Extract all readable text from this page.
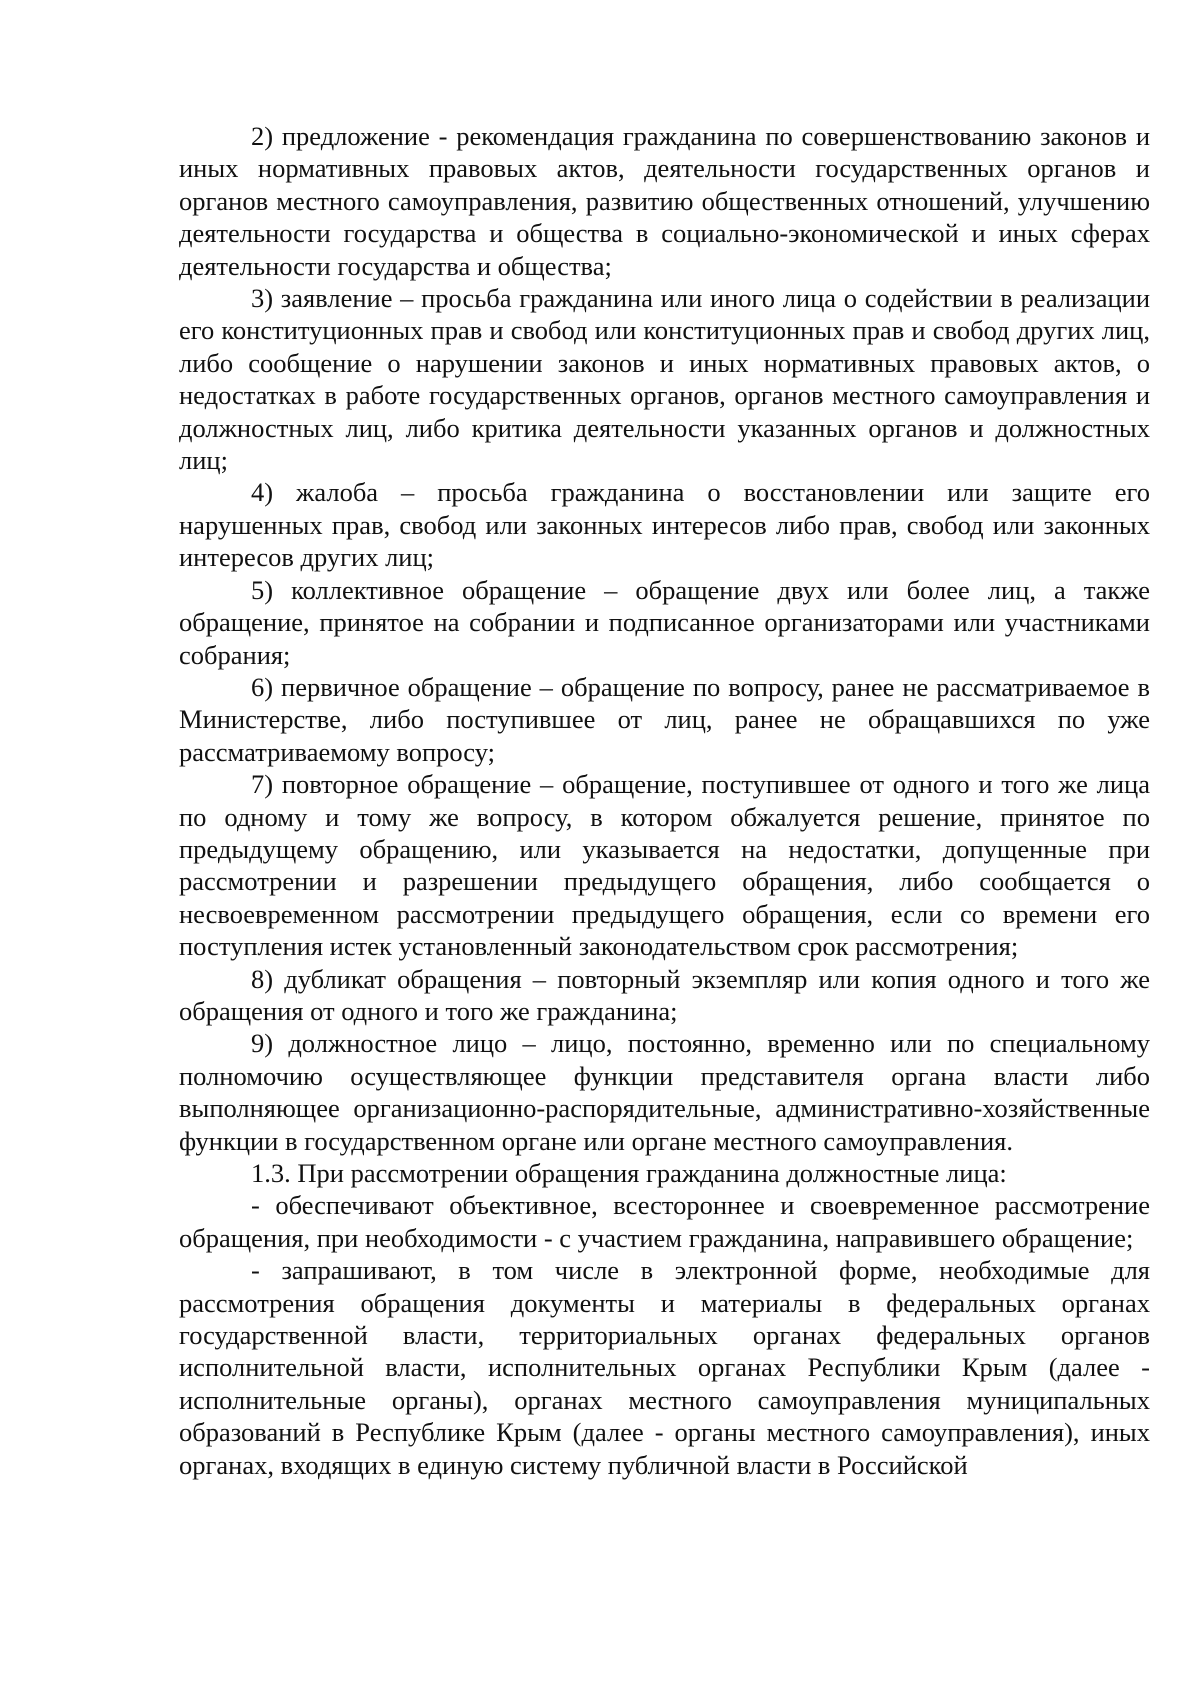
2) предложение - рекомендация гражданина по совершенствованию законов и иных нормативных правовых актов, деятельности государственных органов и органов местного самоуправления, развитию общественных отношений, улучшению деятельности государства и общества в социально-экономической и иных сферах деятельности государства и общества;

3) заявление – просьба гражданина или иного лица о содействии в реализации его конституционных прав и свобод или конституционных прав и свобод других лиц, либо сообщение о нарушении законов и иных нормативных правовых актов, о недостатках в работе государственных органов, органов местного самоуправления и должностных лиц, либо критика деятельности указанных органов и должностных лиц;

4) жалоба – просьба гражданина о восстановлении или защите его нарушенных прав, свобод или законных интересов либо прав, свобод или законных интересов других лиц;

5) коллективное обращение – обращение двух или более лиц, а также обращение, принятое на собрании и подписанное организаторами или участниками собрания;

6) первичное обращение – обращение по вопросу, ранее не рассматриваемое в Министерстве, либо поступившее от лиц, ранее не обращавшихся по уже рассматриваемому вопросу;

7) повторное обращение – обращение, поступившее от одного и того же лица по одному и тому же вопросу, в котором обжалуется решение, принятое по предыдущему обращению, или указывается на недостатки, допущенные при рассмотрении и разрешении предыдущего обращения, либо сообщается о несвоевременном рассмотрении предыдущего обращения, если со времени его поступления истек установленный законодательством срок рассмотрения;

8) дубликат обращения – повторный экземпляр или копия одного и того же обращения от одного и того же гражданина;

9) должностное лицо – лицо, постоянно, временно или по специальному полномочию осуществляющее функции представителя органа власти либо выполняющее организационно-распорядительные, административно-хозяйственные функции в государственном органе или органе местного самоуправления.

1.3. При рассмотрении обращения гражданина должностные лица:

- обеспечивают объективное, всестороннее и своевременное рассмотрение обращения, при необходимости - с участием гражданина, направившего обращение;

- запрашивают, в том числе в электронной форме, необходимые для рассмотрения обращения документы и материалы в федеральных органах государственной власти, территориальных органах федеральных органов исполнительной власти, исполнительных органах Республики Крым (далее - исполнительные органы), органах местного самоуправления муниципальных образований в Республике Крым (далее - органы местного самоуправления), иных органах, входящих в единую систему публичной власти в Российской
